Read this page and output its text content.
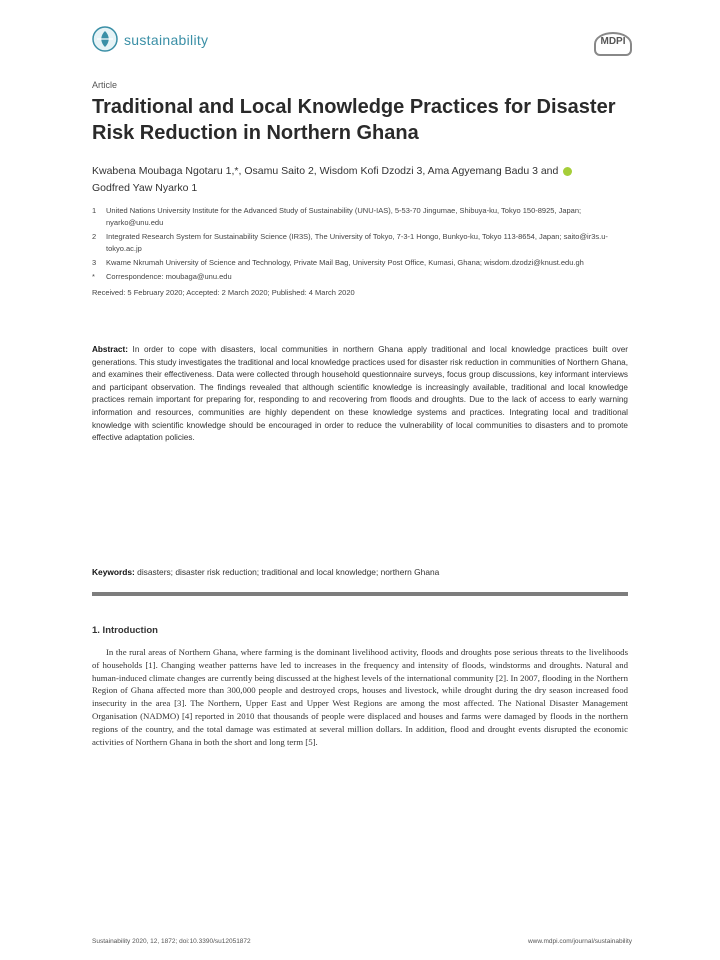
sustainability	MDPI
Article
Traditional and Local Knowledge Practices for Disaster Risk Reduction in Northern Ghana
Kwabena Moubaga Ngotaru 1,*, Osamu Saito 2, Wisdom Kofi Dzodzi 3, Ama Agyemang Badu 3 and
Godfred Yaw Nyarko 1
1 United Nations University Institute for the Advanced Study of Sustainability (UNU-IAS), 5-53-70 Jingumae, Shibuya-ku, Tokyo 150-8925, Japan; nyarko@unu.edu
2 Integrated Research System for Sustainability Science (IR3S), The University of Tokyo, 7-3-1 Hongo, Bunkyo-ku, Tokyo 113-8654, Japan; saito@ir3s.u-tokyo.ac.jp
3 Kwame Nkrumah University of Science and Technology, Private Mail Bag, University Post Office, Kumasi, Ghana; wisdom.dzodzi@knust.edu.gh
* Correspondence: moubaga@unu.edu
Received: 5 February 2020; Accepted: 2 March 2020; Published: 4 March 2020
Abstract: In order to cope with disasters, local communities in northern Ghana apply traditional and local knowledge practices built over generations. This study investigates the traditional and local knowledge practices used for disaster risk reduction in communities of Northern Ghana, and examines their effectiveness. Data were collected through household questionnaire surveys, focus group discussions, key informant interviews and participant observation. The findings revealed that although scientific knowledge is increasingly available, traditional and local knowledge practices remain important for preparing for, responding to and recovering from floods and droughts. Due to the lack of access to early warning information and resources, communities are highly dependent on these knowledge systems and practices. Integrating local and traditional knowledge with scientific knowledge should be encouraged in order to reduce the vulnerability of local communities to disasters and to promote effective adaptation policies.
Keywords: disasters; disaster risk reduction; traditional and local knowledge; northern Ghana
1. Introduction

In the rural areas of Northern Ghana, where farming is the dominant livelihood activity, floods and droughts pose serious threats to the livelihoods of households [1]. Changing weather patterns have led to increases in the frequency and intensity of floods, windstorms and droughts. Natural and human-induced climate changes are currently being discussed at the highest levels of the international community [2]. In 2007, flooding in the Northern Region of Ghana affected more than 300,000 people and destroyed crops, houses and livestock, while drought during the dry season increased food insecurity in the area [3]. The Northern, Upper East and Upper West Regions are among the most affected. The National Disaster Management Organisation (NADMO) [4] reported in 2010 that thousands of people were displaced and houses and farms were damaged by floods in the northern regions of the country, and the total damage was estimated at several million dollars. In addition, flood and drought events disrupted the economic activities of Northern Ghana in both the short and long term [5].

Sustainability 2020, 12, 1872; doi:10.3390/su12051872	www.mdpi.com/journal/sustainability
